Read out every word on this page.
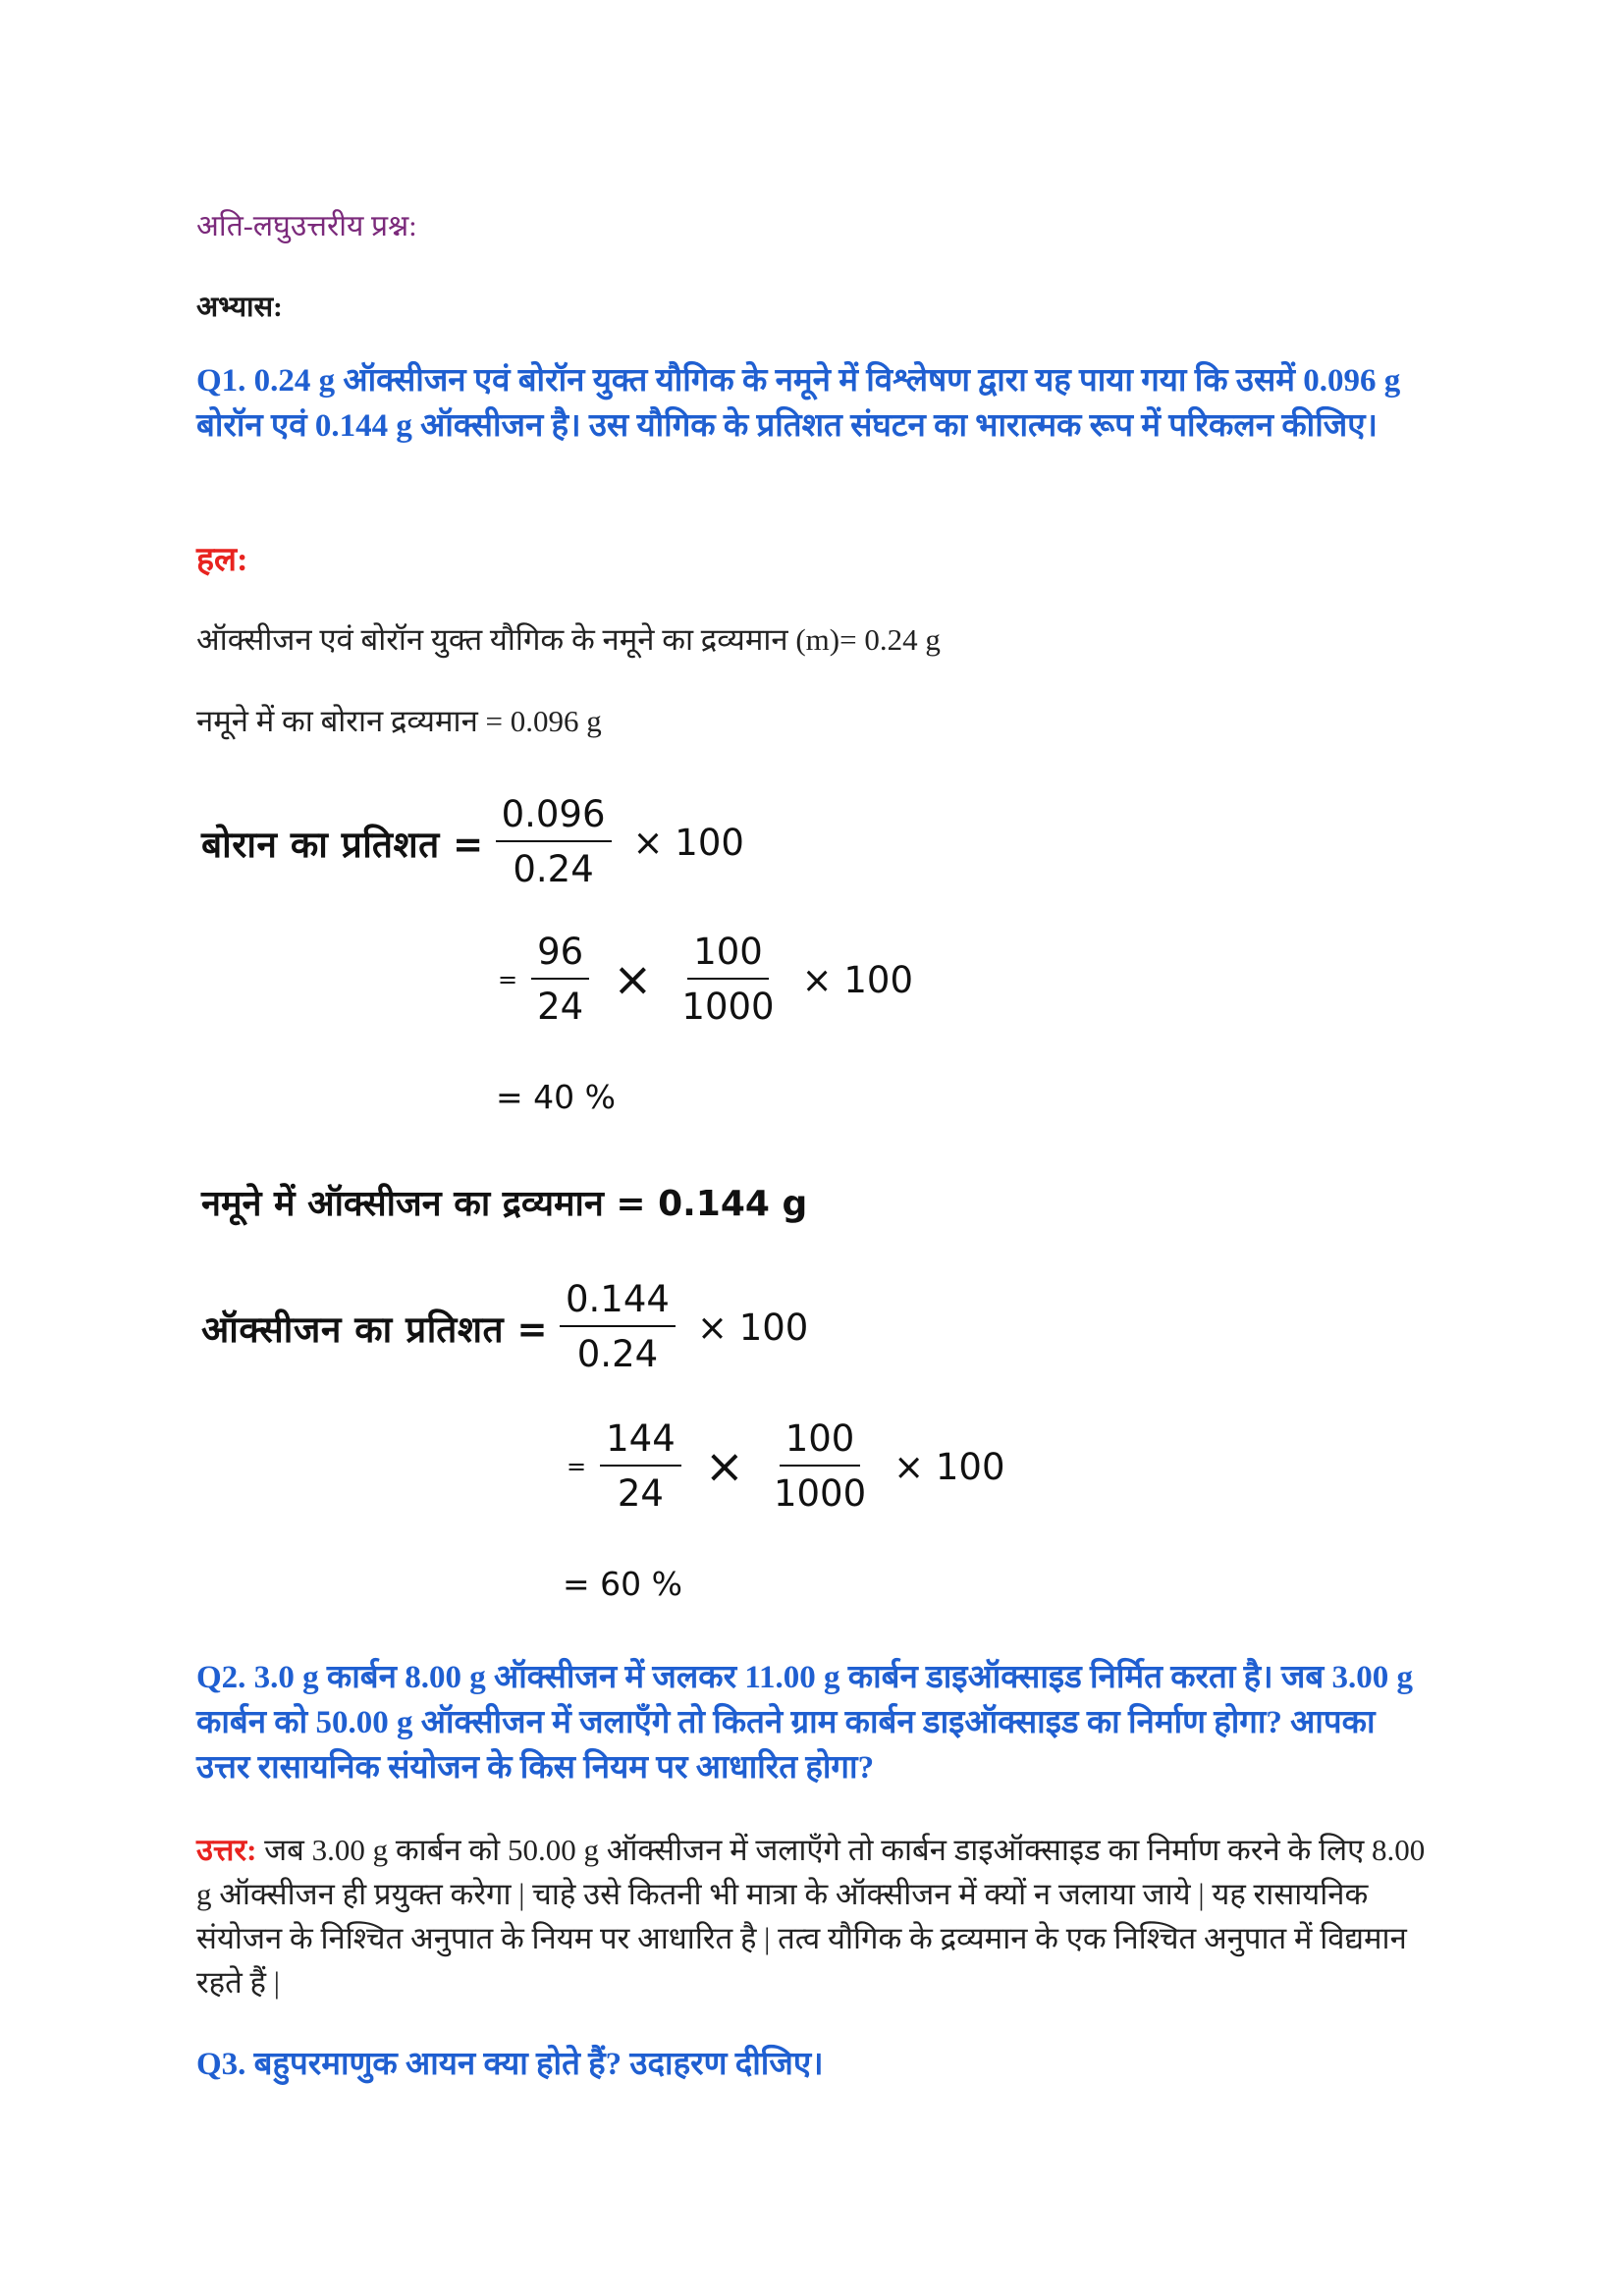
अति-लघुउत्तरीय प्रश्न:
अभ्यास:
Q1. 0.24 g ऑक्सीजन एवं बोरॉन युक्त यौगिक के नमूने में विश्लेषण द्वारा यह पाया गया कि उसमें 0.096 g बोरॉन एवं 0.144 g ऑक्सीजन है। उस यौगिक के प्रतिशत संघटन का भारात्मक रूप में परिकलन कीजिए।
हल:
ऑक्सीजन एवं बोरॉन युक्त यौगिक के नमूने का द्रव्यमान (m)= 0.24 g
नमूने में का बोरान द्रव्यमान = 0.096 g
बोरान का प्रतिशत = $\frac{0.096}{0.24} \times 100$
= $\frac{96}{24} \times \frac{100}{1000} \times 100$
= 40 %
नमूने में ऑक्सीजन का द्रव्यमान = 0.144 g
ऑक्सीजन का प्रतिशत = $\frac{0.144}{0.24} \times 100$
= $\frac{144}{24} \times \frac{100}{1000} \times 100$
= 60 %
Q2. 3.0 g कार्बन 8.00 g ऑक्सीजन में जलकर 11.00 g कार्बन डाइऑक्साइड निर्मित करता है। जब 3.00 g कार्बन को 50.00 g ऑक्सीजन में जलाएँगे तो कितने ग्राम कार्बन डाइऑक्साइड का निर्माण होगा? आपका उत्तर रासायनिक संयोजन के किस नियम पर आधारित होगा?
उत्तर: जब 3.00 g कार्बन को 50.00 g ऑक्सीजन में जलाएँगे तो कार्बन डाइऑक्साइड का निर्माण करने के लिए 8.00 g ऑक्सीजन ही प्रयुक्त करेगा | चाहे उसे कितनी भी मात्रा के ऑक्सीजन में क्यों न जलाया जाये | यह रासायनिक संयोजन के निश्चित अनुपात के नियम पर आधारित है | तत्व यौगिक के द्रव्यमान के एक निश्चित अनुपात में विद्यमान रहते हैं |
Q3. बहुपरमाणुक आयन क्या होते हैं? उदाहरण दीजिए।
